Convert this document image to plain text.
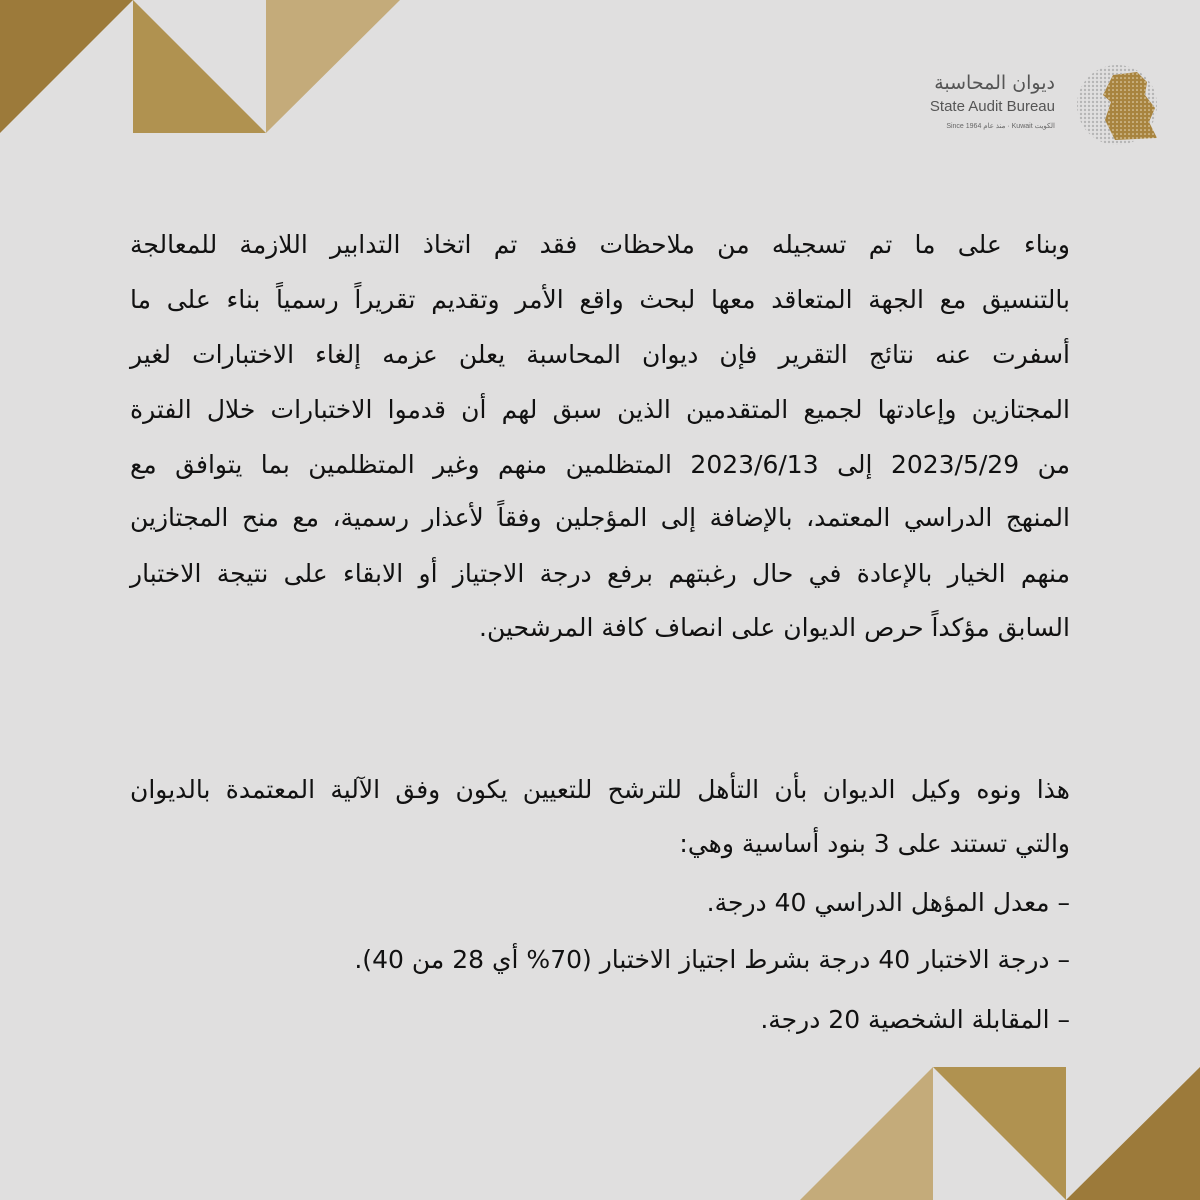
ديوان المحاسبة
State Audit Bureau
Since 1964 منذ عام · Kuwait الكويت
وبناء على ما تم تسجيله من ملاحظات فقد تم اتخاذ التدابير اللازمة للمعالجة
بالتنسيق مع الجهة المتعاقد معها لبحث واقع الأمر وتقديم تقريراً رسمياً بناء على ما
أسفرت عنه نتائج التقرير فإن ديوان المحاسبة يعلن عزمه إلغاء الاختبارات لغير
المجتازين وإعادتها لجميع المتقدمين الذين سبق لهم أن قدموا الاختبارات خلال الفترة
من 2023/5/29 إلى 2023/6/13 المتظلمين منهم وغير المتظلمين بما يتوافق مع
المنهج الدراسي المعتمد، بالإضافة إلى المؤجلين وفقاً لأعذار رسمية، مع منح المجتازين
منهم الخيار بالإعادة في حال رغبتهم برفع درجة الاجتياز أو الابقاء على نتيجة الاختبار
السابق مؤكداً حرص الديوان على انصاف كافة المرشحين.
هذا ونوه وكيل الديوان بأن التأهل للترشح للتعيين يكون وفق الآلية المعتمدة بالديوان
والتي تستند على 3 بنود أساسية وهي:
– معدل المؤهل الدراسي 40 درجة.
– درجة الاختبار 40 درجة بشرط اجتياز الاختبار (70% أي 28 من 40).
– المقابلة الشخصية 20 درجة.
